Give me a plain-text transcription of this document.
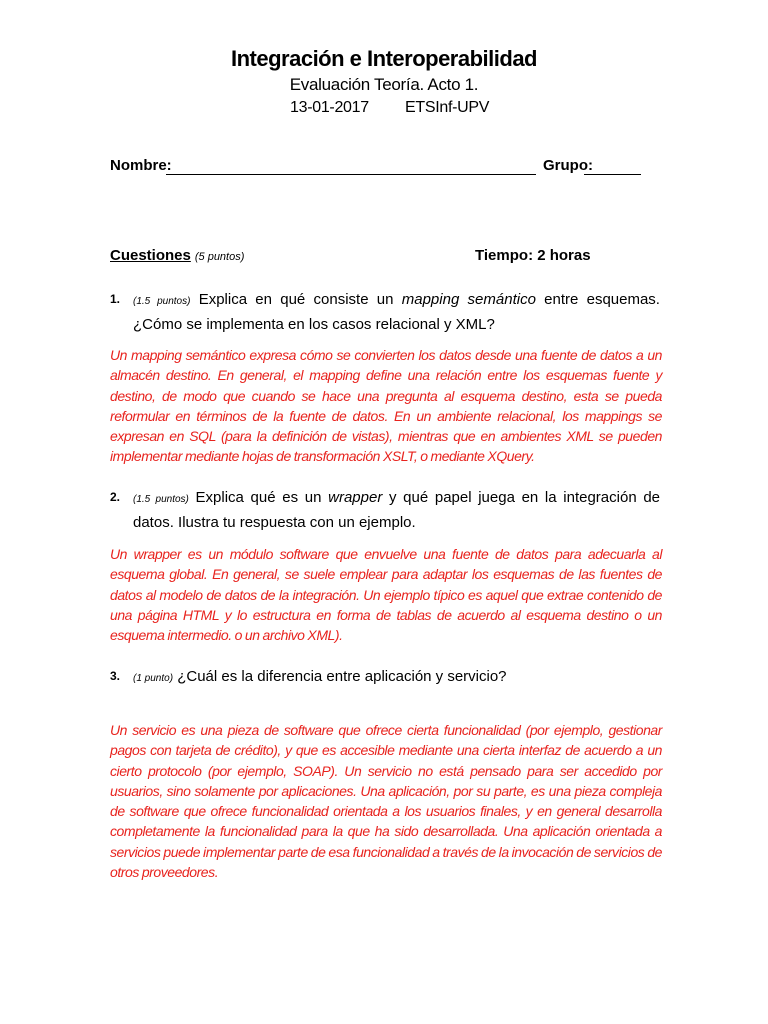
Integración e Interoperabilidad
Evaluación Teoría. Acto 1.
13-01-2017 ETSInf-UPV
Nombre:	Grupo:
Cuestiones (5 puntos)	Tiempo: 2 horas
1. (1.5 puntos) Explica en qué consiste un mapping semántico entre esquemas. ¿Cómo se implementa en los casos relacional y XML?
Un mapping semántico expresa cómo se convierten los datos desde una fuente de datos a un almacén destino. En general, el mapping define una relación entre los esquemas fuente y destino, de modo que cuando se hace una pregunta al esquema destino, esta se pueda reformular en términos de la fuente de datos. En un ambiente relacional, los mappings se expresan en SQL (para la definición de vistas), mientras que en ambientes XML se pueden implementar mediante hojas de transformación XSLT, o mediante XQuery.
2. (1.5 puntos) Explica qué es un wrapper y qué papel juega en la integración de datos. Ilustra tu respuesta con un ejemplo.
Un wrapper es un módulo software que envuelve una fuente de datos para adecuarla al esquema global. En general, se suele emplear para adaptar los esquemas de las fuentes de datos al modelo de datos de la integración. Un ejemplo típico es aquel que extrae contenido de una página HTML y lo estructura en forma de tablas de acuerdo al esquema destino o un esquema intermedio. o un archivo XML).
3. (1 punto) ¿Cuál es la diferencia entre aplicación y servicio?
Un servicio es una pieza de software que ofrece cierta funcionalidad (por ejemplo, gestionar pagos con tarjeta de crédito), y que es accesible mediante una cierta interfaz de acuerdo a un cierto protocolo (por ejemplo, SOAP). Un servicio no está pensado para ser accedido por usuarios, sino solamente por aplicaciones. Una aplicación, por su parte, es una pieza compleja de software que ofrece funcionalidad orientada a los usuarios finales, y en general desarrolla completamente la funcionalidad para la que ha sido desarrollada. Una aplicación orientada a servicios puede implementar parte de esa funcionalidad a través de la invocación de servicios de otros proveedores.
